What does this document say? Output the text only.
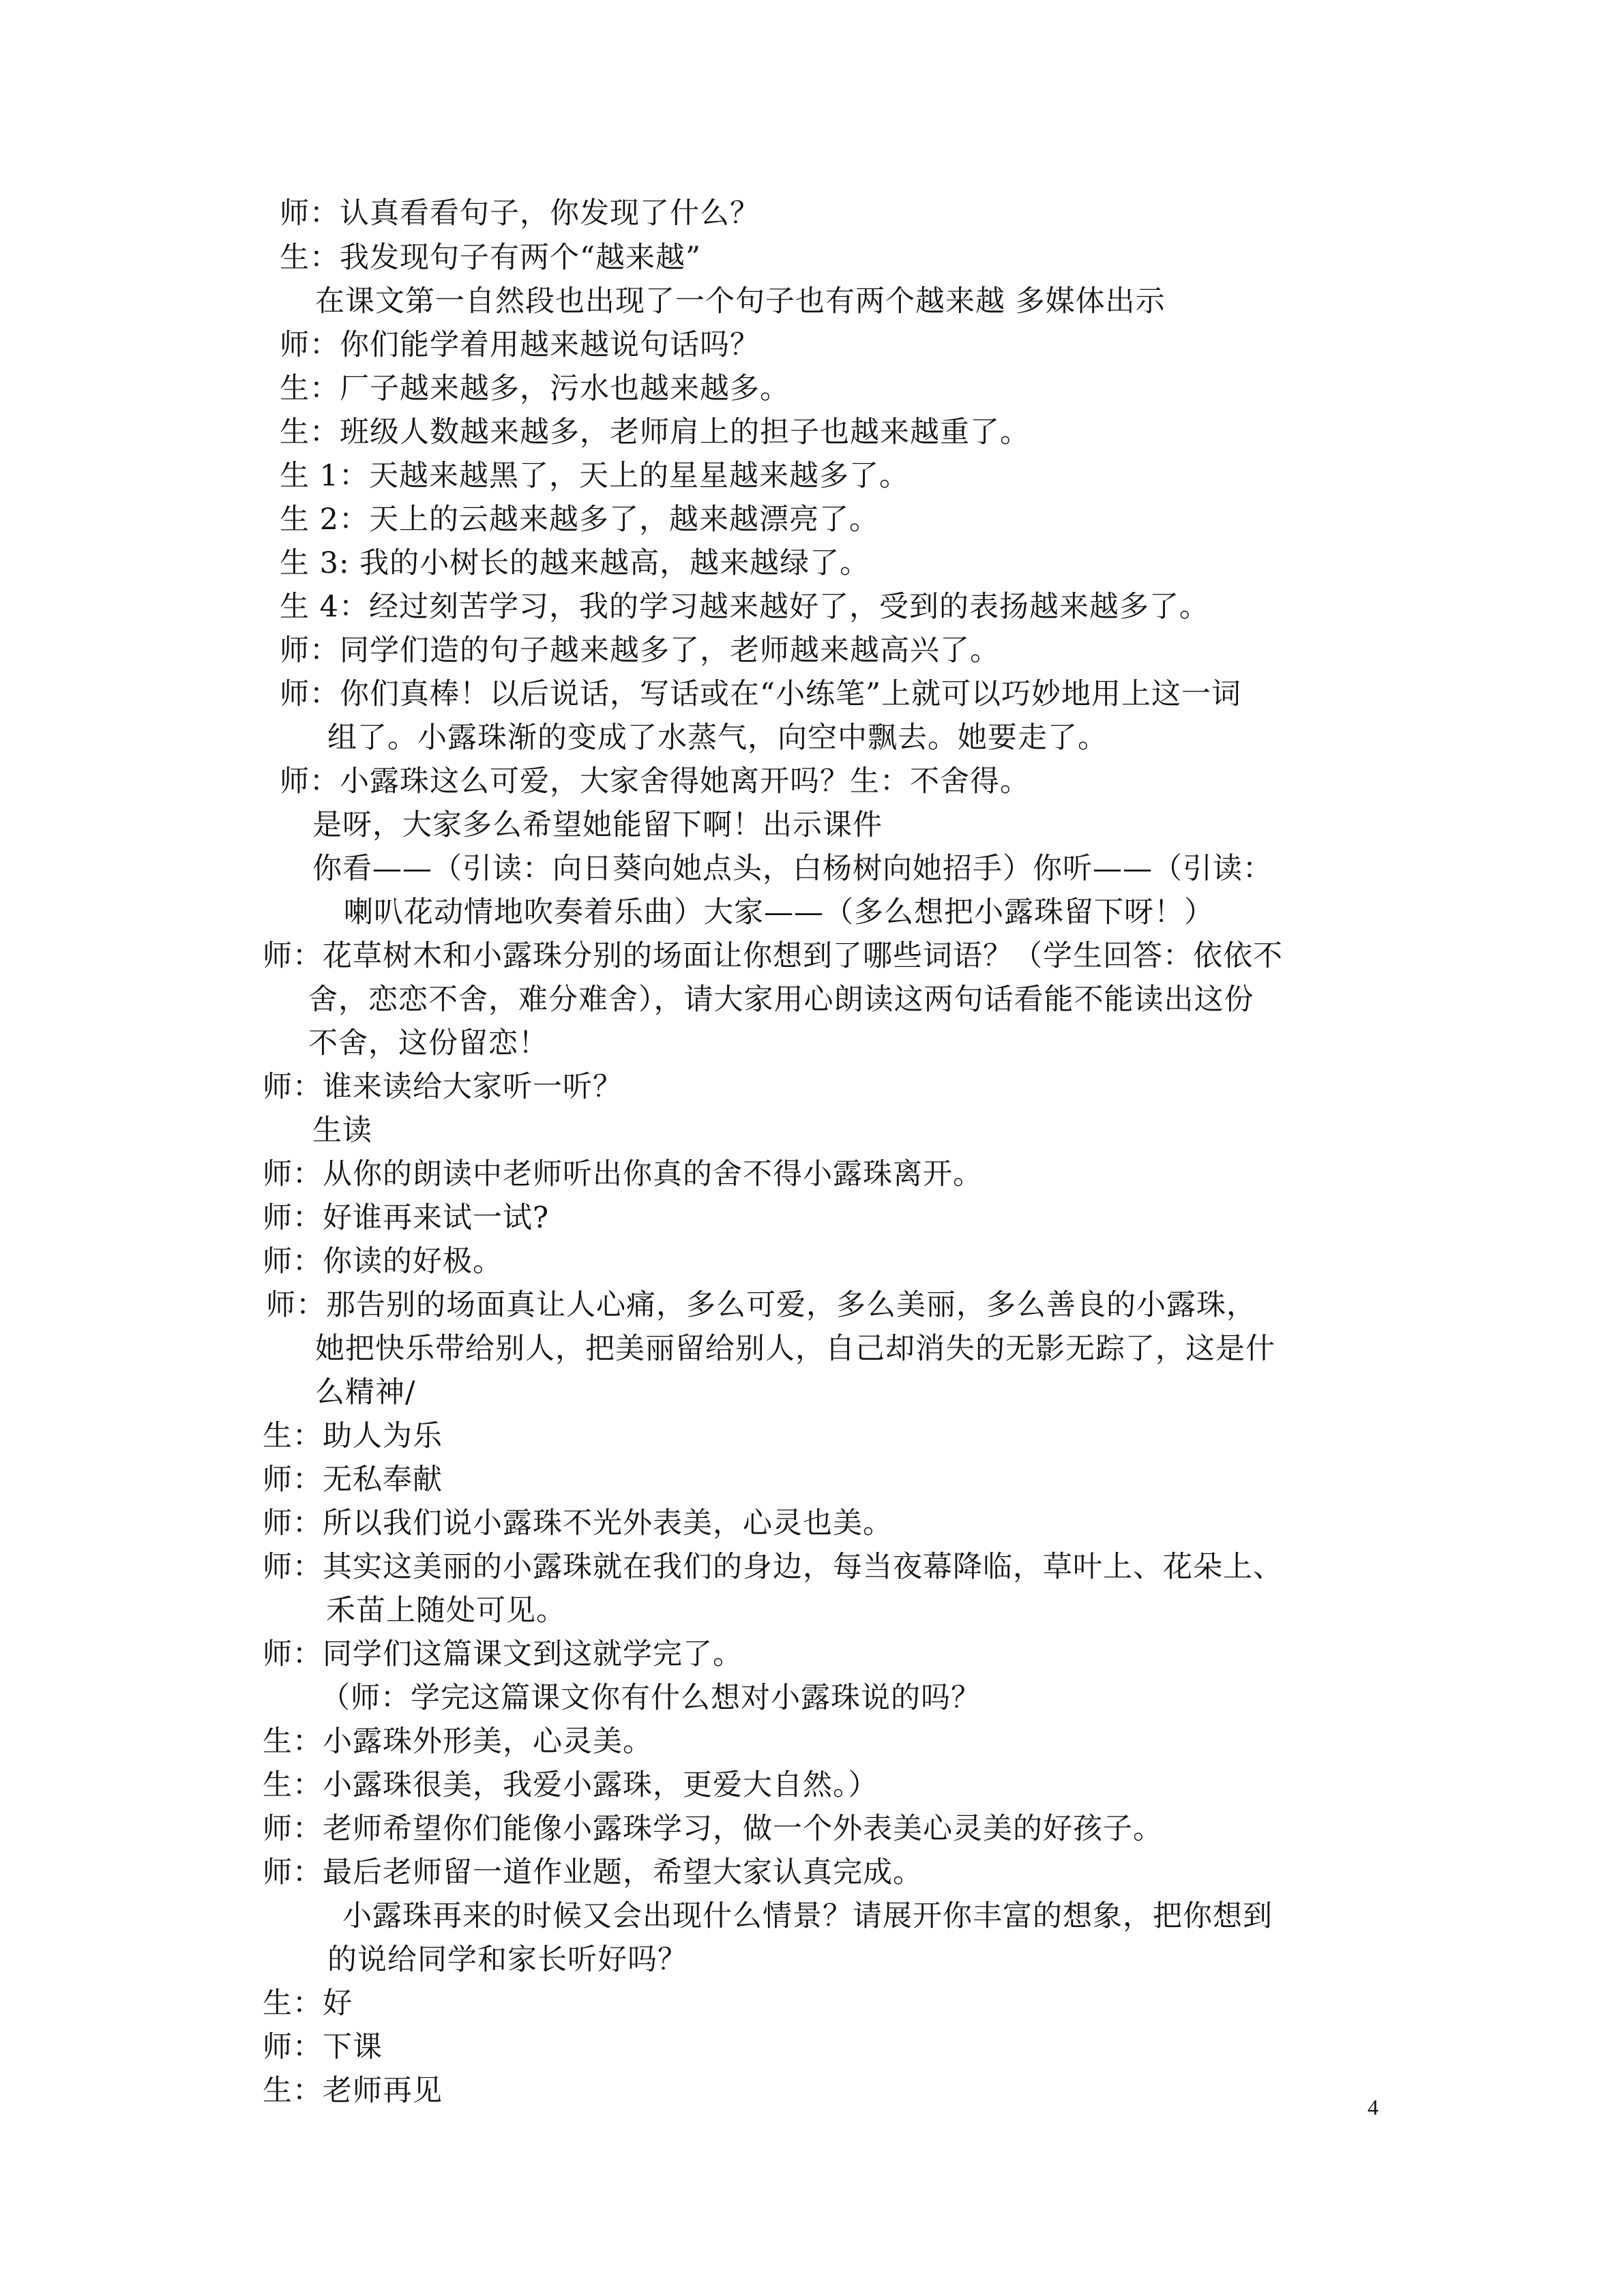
师：认真看看句子，你发现了什么？
生：我发现句子有两个“越来越”
在课文第一自然段也出现了一个句子也有两个越来越 多媒体出示
师：你们能学着用越来越说句话吗？
生：厂子越来越多，污水也越来越多。
生：班级人数越来越多，老师肩上的担子也越来越重了。
生 1：天越来越黑了，天上的星星越来越多了。
生 2：天上的云越来越多了，越来越漂亮了。
生 3: 我的小树长的越来越高，越来越绿了。
生 4：经过刻苦学习，我的学习越来越好了，受到的表扬越来越多了。
师：同学们造的句子越来越多了，老师越来越高兴了。
师：你们真棒！以后说话，写话或在“小练笔”上就可以巧妙地用上这一词
组了。小露珠渐的变成了水蒸气，向空中飘去。她要走了。
师：小露珠这么可爱，大家舍得她离开吗？生：不舍得。
是呀，大家多么希望她能留下啊！出示课件
你看——（引读：向日葵向她点头，白杨树向她招手）你听——（引读：
喇叭花动情地吹奏着乐曲）大家——（多么想把小露珠留下呀！）
师：花草树木和小露珠分别的场面让你想到了哪些词语？（学生回答：依依不
舍，恋恋不舍，难分难舍），请大家用心朗读这两句话看能不能读出这份
不舍，这份留恋！
师：谁来读给大家听一听？
生读
师：从你的朗读中老师听出你真的舍不得小露珠离开。
师：好谁再来试一试?
师：你读的好极。
师：那告别的场面真让人心痛，多么可爱，多么美丽，多么善良的小露珠，
她把快乐带给别人，把美丽留给别人，自己却消失的无影无踪了，这是什
么精神/
生：助人为乐
师：无私奉献
师：所以我们说小露珠不光外表美，心灵也美。
师：其实这美丽的小露珠就在我们的身边，每当夜幕降临，草叶上、花朵上、
禾苗上随处可见。
师：同学们这篇课文到这就学完了。
（师：学完这篇课文你有什么想对小露珠说的吗？
生：小露珠外形美，心灵美。
生：小露珠很美，我爱小露珠，更爱大自然。）
师：老师希望你们能像小露珠学习，做一个外表美心灵美的好孩子。
师：最后老师留一道作业题，希望大家认真完成。
小露珠再来的时候又会出现什么情景？请展开你丰富的想象，把你想到
的说给同学和家长听好吗？
生：好
师：下课
生：老师再见	4
